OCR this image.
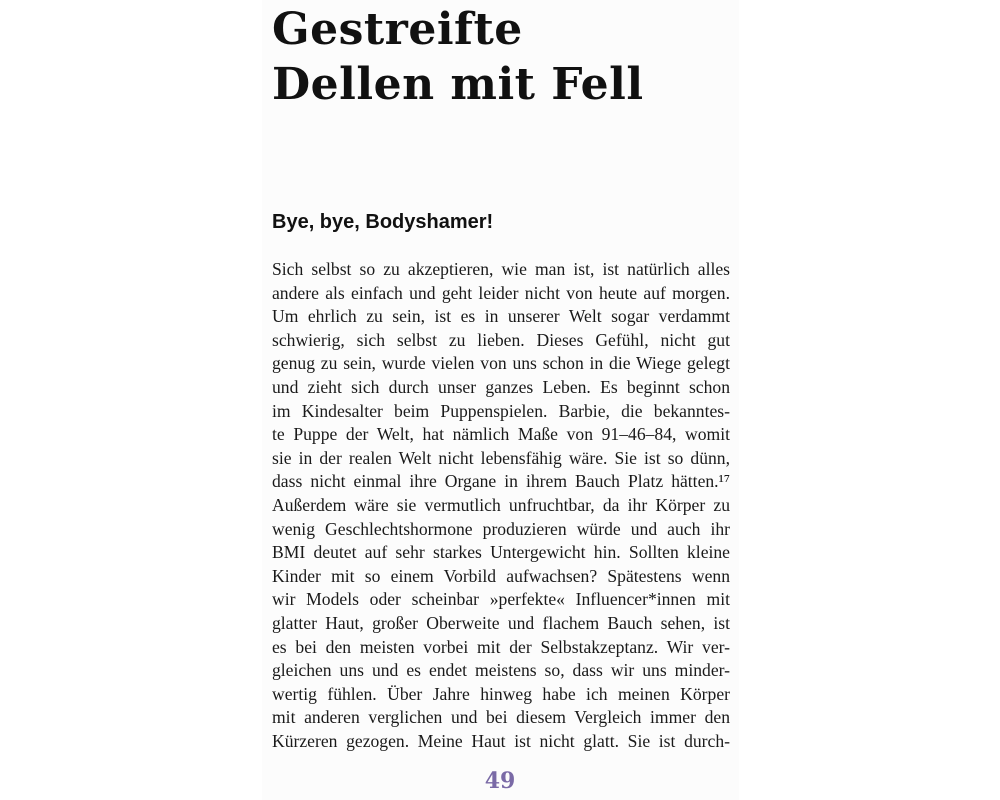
Gestreifte
Dellen mit Fell
Bye, bye, Bodyshamer!
Sich selbst so zu akzeptieren, wie man ist, ist natürlich alles
andere als einfach und geht leider nicht von heute auf morgen.
Um ehrlich zu sein, ist es in unserer Welt sogar verdammt
schwierig, sich selbst zu lieben. Dieses Gefühl, nicht gut
genug zu sein, wurde vielen von uns schon in die Wiege gelegt
und zieht sich durch unser ganzes Leben. Es beginnt schon
im Kindesalter beim Puppenspielen. Barbie, die bekanntes-
te Puppe der Welt, hat nämlich Maße von 91–46–84, womit
sie in der realen Welt nicht lebensfähig wäre. Sie ist so dünn,
dass nicht einmal ihre Organe in ihrem Bauch Platz hätten.¹⁷
Außerdem wäre sie vermutlich unfruchtbar, da ihr Körper zu
wenig Geschlechtshormone produzieren würde und auch ihr
BMI deutet auf sehr starkes Untergewicht hin. Sollten kleine
Kinder mit so einem Vorbild aufwachsen? Spätestens wenn
wir Models oder scheinbar »perfekte« Influencer*innen mit
glatter Haut, großer Oberweite und flachem Bauch sehen, ist
es bei den meisten vorbei mit der Selbstakzeptanz. Wir ver-
gleichen uns und es endet meistens so, dass wir uns minder-
wertig fühlen. Über Jahre hinweg habe ich meinen Körper
mit anderen verglichen und bei diesem Vergleich immer den
Kürzeren gezogen. Meine Haut ist nicht glatt. Sie ist durch-
49
